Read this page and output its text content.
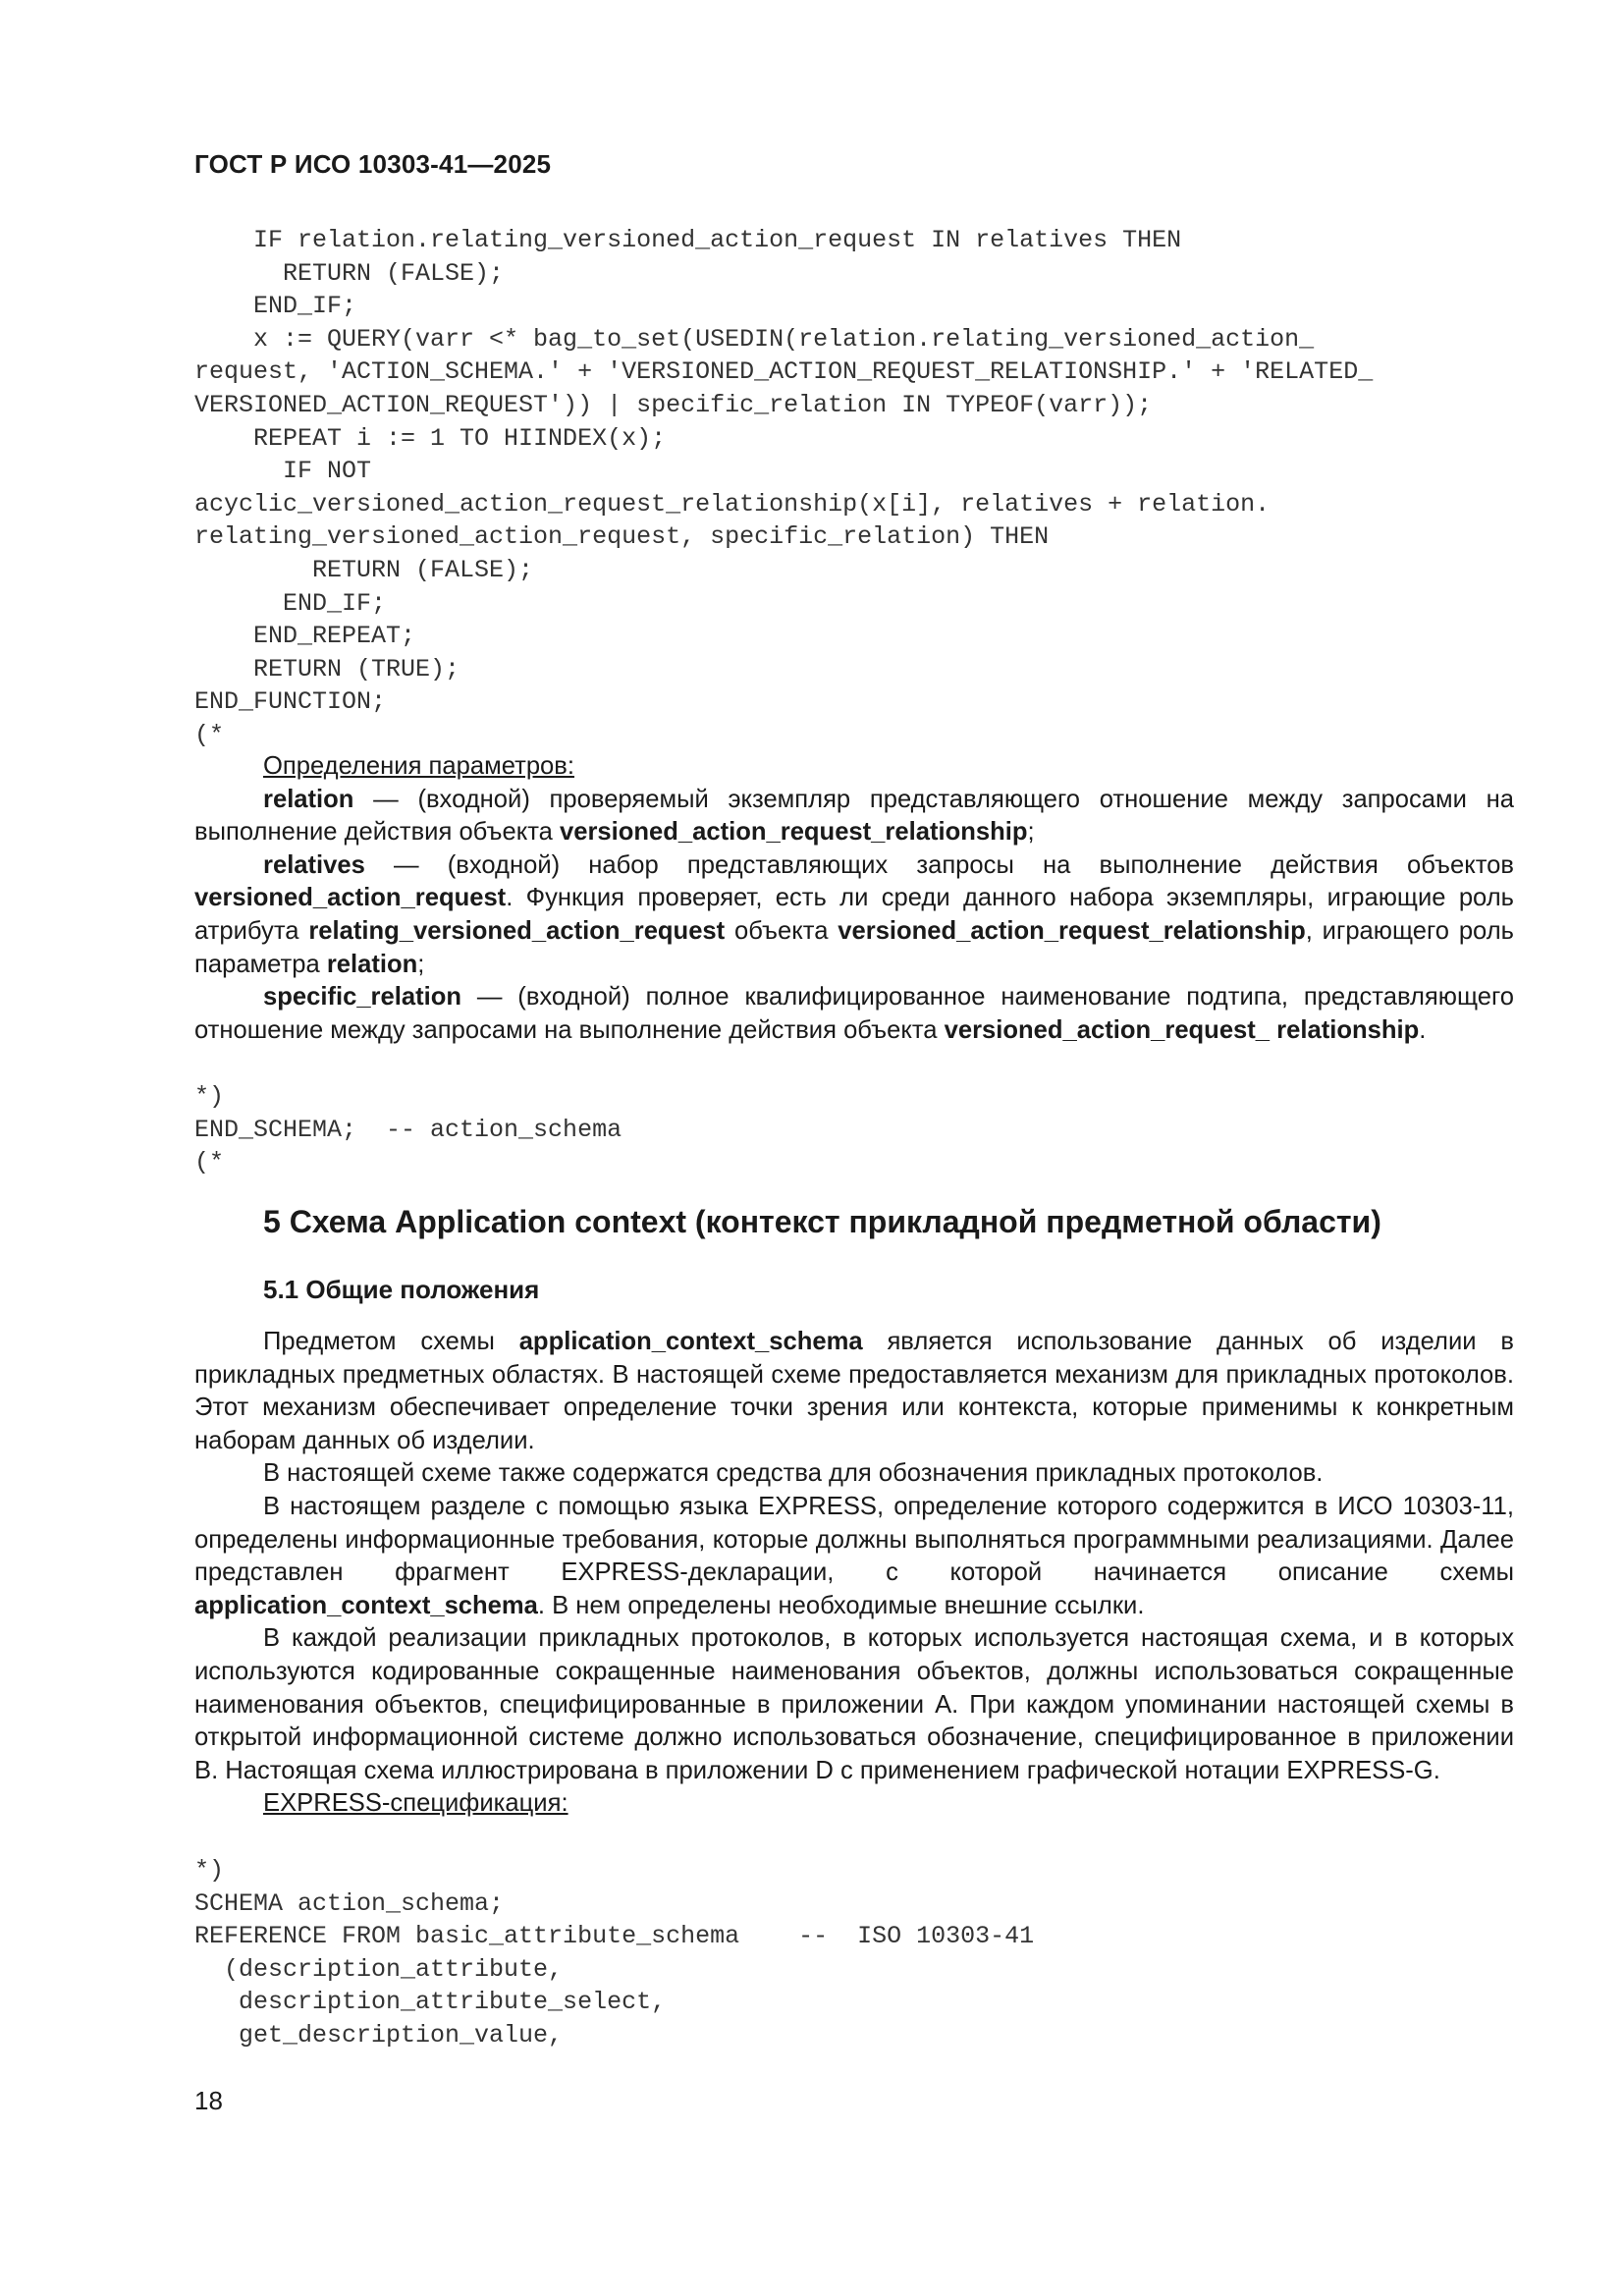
ГОСТ Р ИСО 10303-41—2025
IF relation.relating_versioned_action_request IN relatives THEN
RETURN (FALSE);
END_IF;
x := QUERY(varr <* bag_to_set(USEDIN(relation.relating_versioned_action_
request, 'ACTION_SCHEMA.' + 'VERSIONED_ACTION_REQUEST_RELATIONSHIP.' + 'RELATED_
VERSIONED_ACTION_REQUEST')) | specific_relation IN TYPEOF(varr));
REPEAT i := 1 TO HIINDEX(x);
IF NOT
acyclic_versioned_action_request_relationship(x[i], relatives + relation.
relating_versioned_action_request, specific_relation) THEN
RETURN (FALSE);
END_IF;
END_REPEAT;
RETURN (TRUE);
END_FUNCTION;
(*

Определения параметров:

relation — (входной) проверяемый экземпляр представляющего отношение между запросами на выполнение действия объекта versioned_action_request_relationship;

relatives — (входной) набор представляющих запросы на выполнение действия объектов versioned_action_request. Функция проверяет, есть ли среди данного набора экземпляры, играющие роль атрибута relating_versioned_action_request объекта versioned_action_request_relationship, играющего роль параметра relation;

specific_relation — (входной) полное квалифицированное наименование подтипа, представляющего отношение между запросами на выполнение действия объекта versioned_action_request_ relationship.

*)
END_SCHEMA;  -- action_schema
(*
5 Схема Application context (контекст прикладной предметной области)
5.1 Общие положения

Предметом схемы application_context_schema является использование данных об изделии в прикладных предметных областях. В настоящей схеме предоставляется механизм для прикладных протоколов. Этот механизм обеспечивает определение точки зрения или контекста, которые применимы к конкретным наборам данных об изделии.

В настоящей схеме также содержатся средства для обозначения прикладных протоколов.

В настоящем разделе с помощью языка EXPRESS, определение которого содержится в ИСО 10303-11, определены информационные требования, которые должны выполняться программными реализациями. Далее представлен фрагмент EXPRESS-декларации, с которой начинается описание схемы application_context_schema. В нем определены необходимые внешние ссылки.

В каждой реализации прикладных протоколов, в которых используется настоящая схема, и в которых используются кодированные сокращенные наименования объектов, должны использоваться сокращенные наименования объектов, специфицированные в приложении А. При каждом упоминании настоящей схемы в открытой информационной системе должно использоваться обозначение, специфицированное в приложении В. Настоящая схема иллюстрирована в приложении D с применением графической нотации EXPRESS-G.

EXPRESS-спецификация:

*)
SCHEMA action_schema;
REFERENCE FROM basic_attribute_schema    --  ISO 10303-41
(description_attribute,
description_attribute_select,
get_description_value,
18
